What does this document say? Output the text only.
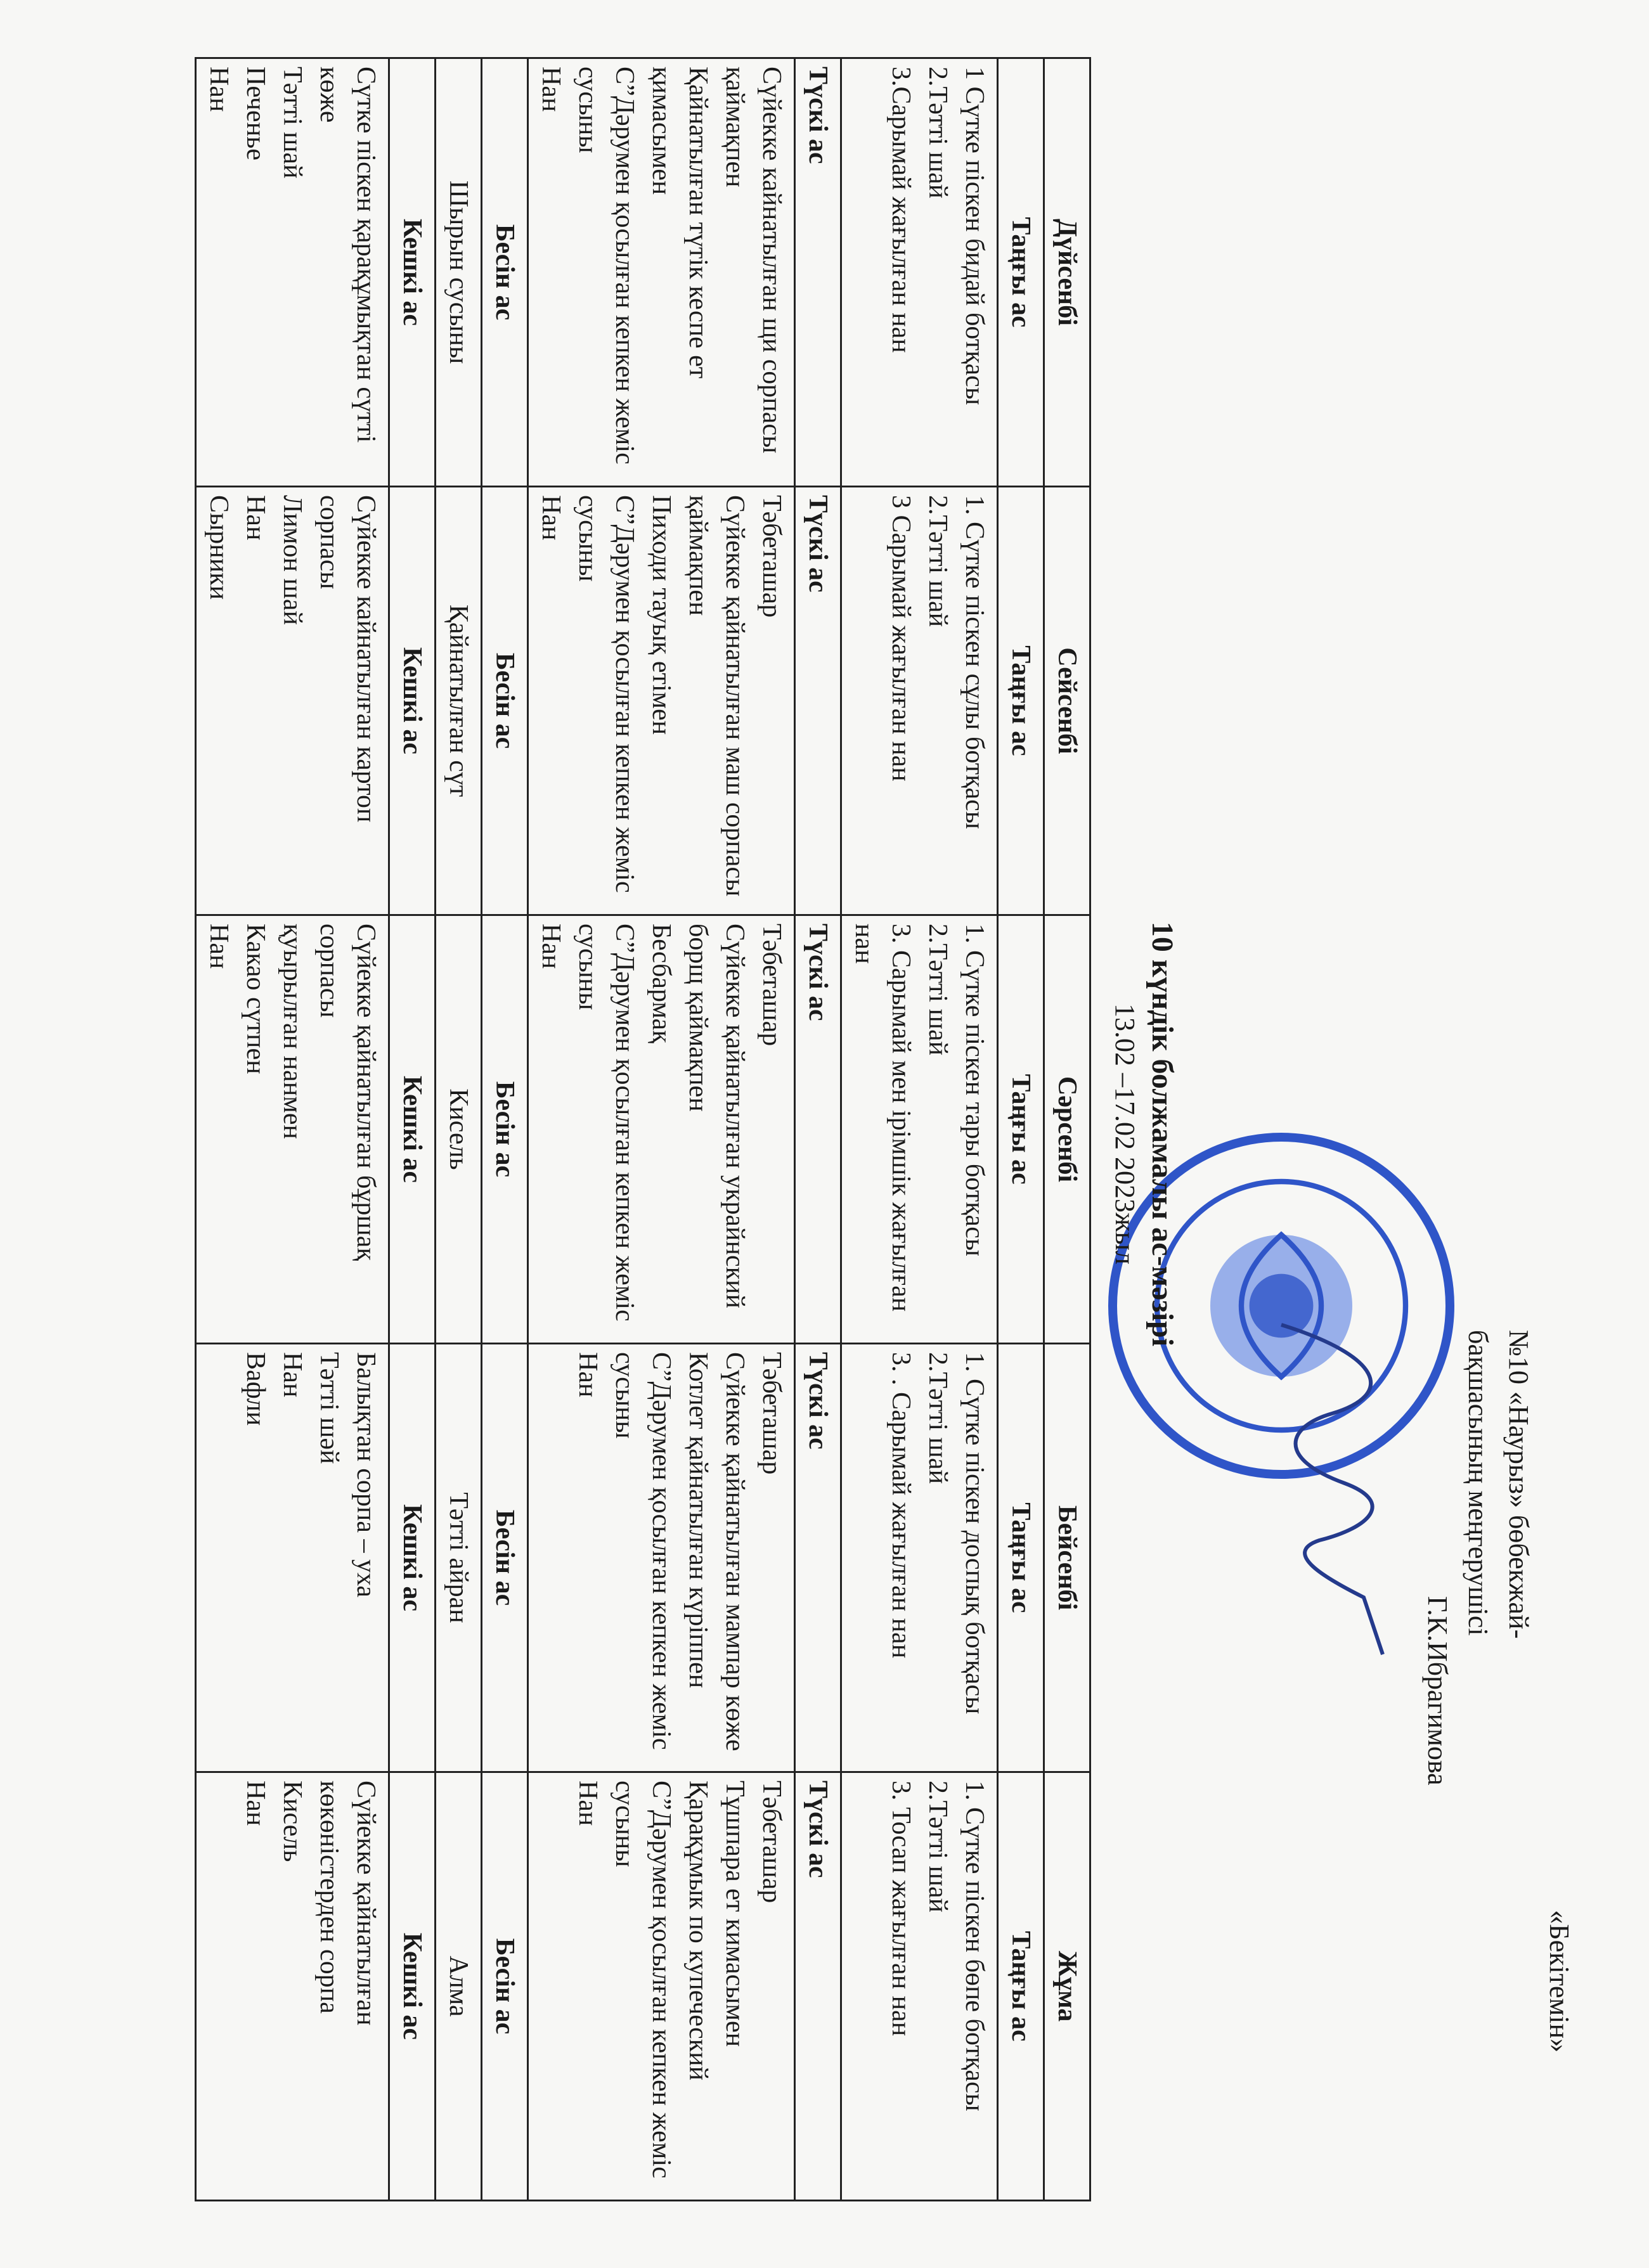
«Бекітемін»
№10 «Наурыз» бөбекжай-
бақшасының меңгерушісі
Г.К.Ибрагимова
10 күндік болжамалы ас-мәзірі
13.02 –17.02 2023жыл
Дүйсенбі	Сейсенбі	Сәрсенбі	Бейсенбі	Жұма
Таңғы ас	Таңғы ас	Таңғы ас	Таңғы ас	Таңғы ас

1 Сүтке піскен бидай ботқасы
2.Тәтті шай
3.Сарымай жағылған нан	1. Сүтке піскен сұлы ботқасы
2.Тәтті шай
3 Сарымай жағылған нан	1. Сүтке піскен тары ботқасы
2.Тәтті шай
3. Сарымай мен ірімшік жағылған нан	1. Сүтке піскен доспық ботқасы
2.Тәтті шай
3. . Сарымай жағылған нан	1. Сүтке піскен бөпе ботқасы
2.Тәтті шай
3. Тосап жағылған нан

Түскі ас	Түскі ас	Түскі ас	Түскі ас	Түскі ас

Сүйекке кайнатылған щи сорпасы қаймақпен
Қайнатылған түтік кеспе ет қимасымен
С”Дәрумен қосылған кепкен жеміс сусыны
Нан	Тәбеташар
Сүйекке қайнатылған маш сорпасы қаймақпен
Пиходи тауық етімен
С”Дәрумен қосылған кепкен жеміс сусыны
Нан	Тәбеташар
Сүйекке қайнатылған украйнский борщ қаймақпен
Бесбармақ
С”Дәрумен қосылған кепкен жеміс сусыны
Нан	Тәбеташар
Сүйекке қайнатылған мампар көже
Котлет қайнатылған күріппен
С”Дәрумен қосылған кепкен жеміс сусыны
Нан	Тәбеташар
Тұшпара ет кимасымен
Қарақұмык по купеческий
С”Дәрумен қосылған кепкен жеміс сусыны
Нан

Бесін ас	Бесін ас	Бесін ас	Бесін ас	Бесін ас
Шырын сусыны	Қайнатылған сүт	Кисель	Тәтті айран	Алма
Кешкі ас	Кешкі ас	Кешкі ас	Кешкі ас	Кешкі ас

Сүтке піскен қарақұмықтан сүтті көже
Тәтті шай
Печенье
Нан	Сүйекке кайнатылған картоп сорпасы
Лимон шай
Нан
Сырники	Сүйекке қайнатылған бұршақ сорпасы
қуырылған нанмен
Какао сүтпен
Нан	Балықтан сорпа – уха
Тәтті шәй
Нан
Вафли	Сүйекке қайнатылған көкөністерден сорпа
Кисель
Нан
